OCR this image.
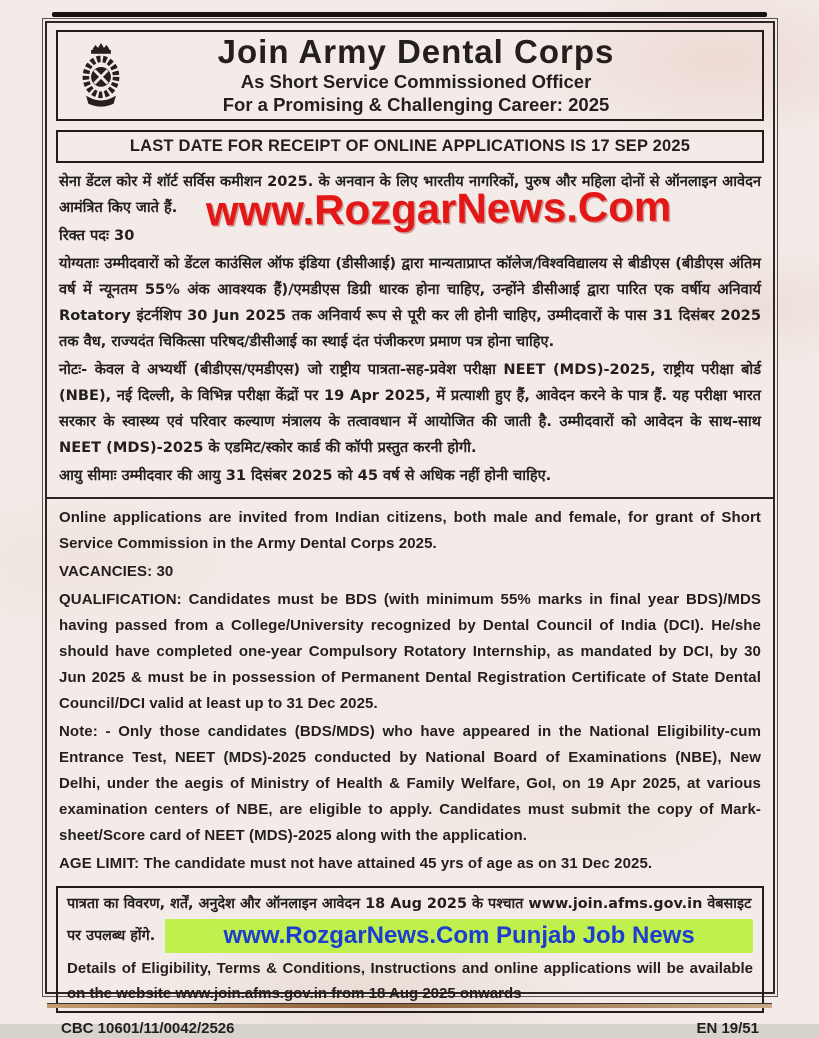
Join Army Dental Corps
As Short Service Commissioned Officer
For a Promising & Challenging Career: 2025
LAST DATE FOR RECEIPT OF ONLINE APPLICATIONS IS 17 SEP 2025
www.RozgarNews.Com

सेना डेंटल कोर में शॉर्ट सर्विस कमीशन 2025. के अनवान के लिए भारतीय नागरिकों, पुरुष और महिला दोनों से ऑनलाइन आवेदन आमंत्रित किए जाते हैं.

रिक्त पदः 30

योग्यताः उम्मीदवारों को डेंटल काउंसिल ऑफ इंडिया (डीसीआई) द्वारा मान्यताप्राप्त कॉलेज/विश्वविद्यालय से बीडीएस (बीडीएस अंतिम वर्ष में न्यूनतम 55% अंक आवश्यक हैं)/एमडीएस डिग्री धारक होना चाहिए, उन्होंने डीसीआई द्वारा पारित एक वर्षीय अनिवार्य Rotatory इंटर्नशिप 30 Jun 2025 तक अनिवार्य रूप से पूरी कर ली होनी चाहिए, उम्मीदवारों के पास 31 दिसंबर 2025 तक वैध, राज्यदंत चिकित्सा परिषद/डीसीआई का स्थाई दंत पंजीकरण प्रमाण पत्र होना चाहिए.

नोटः- केवल वे अभ्यर्थी (बीडीएस/एमडीएस) जो राष्ट्रीय पात्रता-सह-प्रवेश परीक्षा NEET (MDS)-2025, राष्ट्रीय परीक्षा बोर्ड (NBE), नई दिल्ली, के विभिन्न परीक्षा केंद्रों पर 19 Apr 2025, में प्रत्याशी हुए हैं, आवेदन करने के पात्र हैं. यह परीक्षा भारत सरकार के स्वास्थ्य एवं परिवार कल्याण मंत्रालय के तत्वावधान में आयोजित की जाती है. उम्मीदवारों को आवेदन के साथ-साथ NEET (MDS)-2025 के एडमिट/स्कोर कार्ड की कॉपी प्रस्तुत करनी होगी.

आयु सीमाः उम्मीदवार की आयु 31 दिसंबर 2025 को 45 वर्ष से अधिक नहीं होनी चाहिए.

Online applications are invited from Indian citizens, both male and female, for grant of Short Service Commission in the Army Dental Corps 2025.

VACANCIES: 30

QUALIFICATION: Candidates must be BDS (with minimum 55% marks in final year BDS)/MDS having passed from a College/University recognized by Dental Council of India (DCI). He/she should have completed one-year Compulsory Rotatory Internship, as mandated by DCI, by 30 Jun 2025 & must be in possession of Permanent Dental Registration Certificate of State Dental Council/DCI valid at least up to 31 Dec 2025.

Note: - Only those candidates (BDS/MDS) who have appeared in the National Eligibility-cum Entrance Test, NEET (MDS)-2025 conducted by National Board of Examinations (NBE), New Delhi, under the aegis of Ministry of Health & Family Welfare, GoI, on 19 Apr 2025, at various examination centers of NBE, are eligible to apply. Candidates must submit the copy of Mark-sheet/Score card of NEET (MDS)-2025 along with the application.

AGE LIMIT: The candidate must not have attained 45 yrs of age as on 31 Dec 2025.

पात्रता का विवरण, शर्तें, अनुदेश और ऑनलाइन आवेदन 18 Aug 2025 के पश्चात www.join.afms.gov.in वेबसाइट
पर उपलब्ध होंगे.	www.RozgarNews.Com Punjab Job News
Details of Eligibility, Terms & Conditions, Instructions and online applications will be available on the website www.join.afms.gov.in from 18 Aug 2025 onwards
CBC 10601/11/0042/2526	EN 19/51
